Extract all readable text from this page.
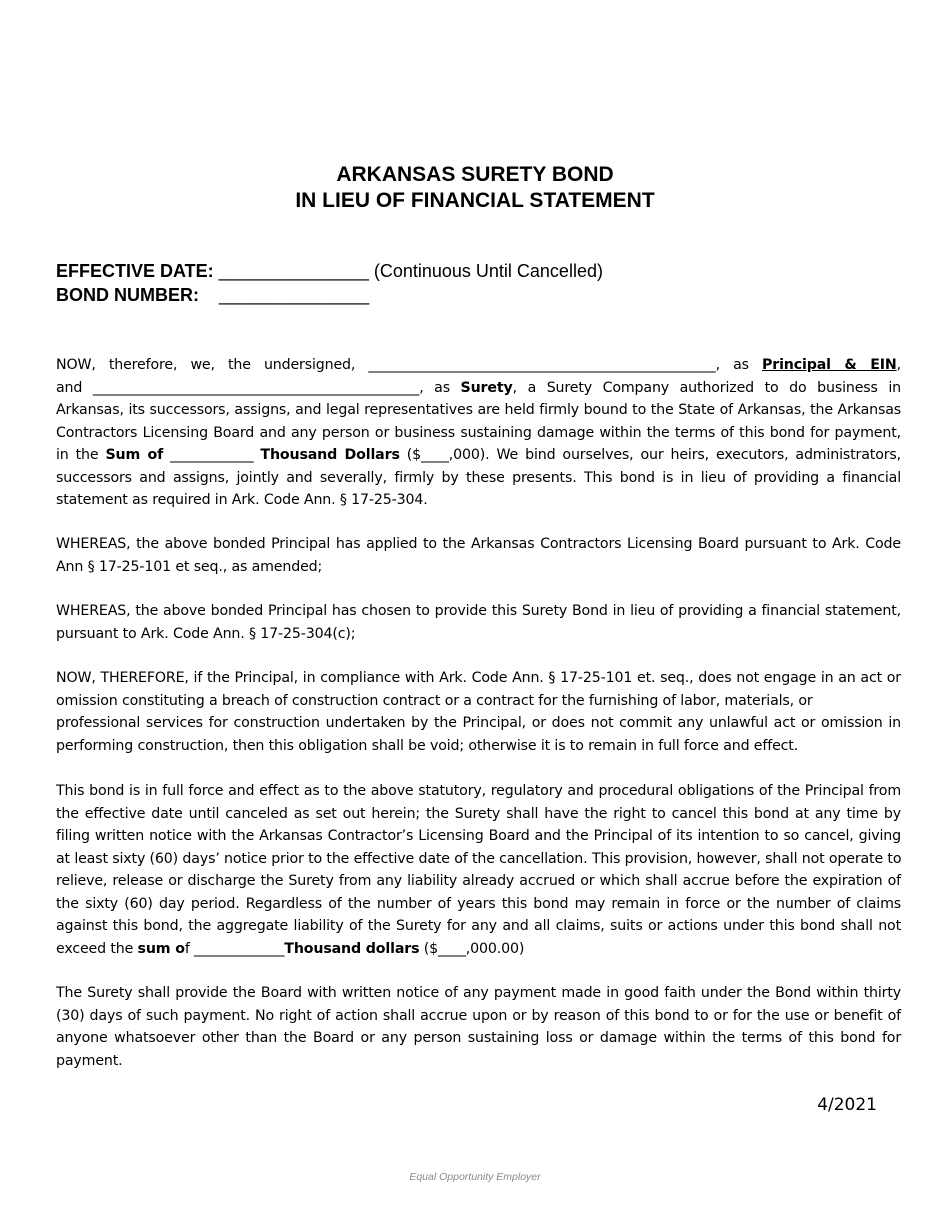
ARKANSAS SURETY BOND
IN LIEU OF FINANCIAL STATEMENT
EFFECTIVE DATE: _______________ (Continuous Until Cancelled)
BOND NUMBER:    _______________
NOW, therefore, we, the undersigned, __________________________________________________, as Principal & EIN,
and _______________________________________________, as Surety, a Surety Company authorized to do business in
Arkansas, its successors, assigns, and legal representatives are held firmly bound to the State of Arkansas, the Arkansas
Contractors Licensing Board and any person or business sustaining damage within the terms of this bond for payment,
in the Sum of ____________ Thousand Dollars ($____,000). We bind ourselves, our heirs, executors, administrators,
successors and assigns, jointly and severally, firmly by these presents. This bond is in lieu of providing a financial
statement as required in Ark. Code Ann. § 17-25-304.
WHEREAS, the above bonded Principal has applied to the Arkansas Contractors Licensing Board pursuant to Ark. Code
Ann § 17-25-101 et seq., as amended;
WHEREAS, the above bonded Principal has chosen to provide this Surety Bond in lieu of providing a financial statement,
pursuant to Ark. Code Ann. § 17-25-304(c);
NOW, THEREFORE, if the Principal, in compliance with Ark. Code Ann. § 17-25-101 et. seq., does not engage in an act or
omission constituting a breach of construction contract or a contract for the furnishing of labor, materials, or
professional services for construction undertaken by the Principal, or does not commit any unlawful act or omission in
performing construction, then this obligation shall be void; otherwise it is to remain in full force and effect.
This bond is in full force and effect as to the above statutory, regulatory and procedural obligations of the Principal from
the effective date until canceled as set out herein; the Surety shall have the right to cancel this bond at any time by
filing written notice with the Arkansas Contractor’s Licensing Board and the Principal of its intention to so cancel, giving
at least sixty (60) days’ notice prior to the effective date of the cancellation. This provision, however, shall not operate to
relieve, release or discharge the Surety from any liability already accrued or which shall accrue before the expiration of
the sixty (60) day period. Regardless of the number of years this bond may remain in force or the number of claims
against this bond, the aggregate liability of the Surety for any and all claims, suits or actions under this bond shall not
exceed the sum of _____________Thousand dollars ($____,000.00)
The Surety shall provide the Board with written notice of any payment made in good faith under the Bond within thirty
(30) days of such payment. No right of action shall accrue upon or by reason of this bond to or for the use or benefit of
anyone whatsoever other than the Board or any person sustaining loss or damage within the terms of this bond for
payment.
4/2021
Equal Opportunity Employer
